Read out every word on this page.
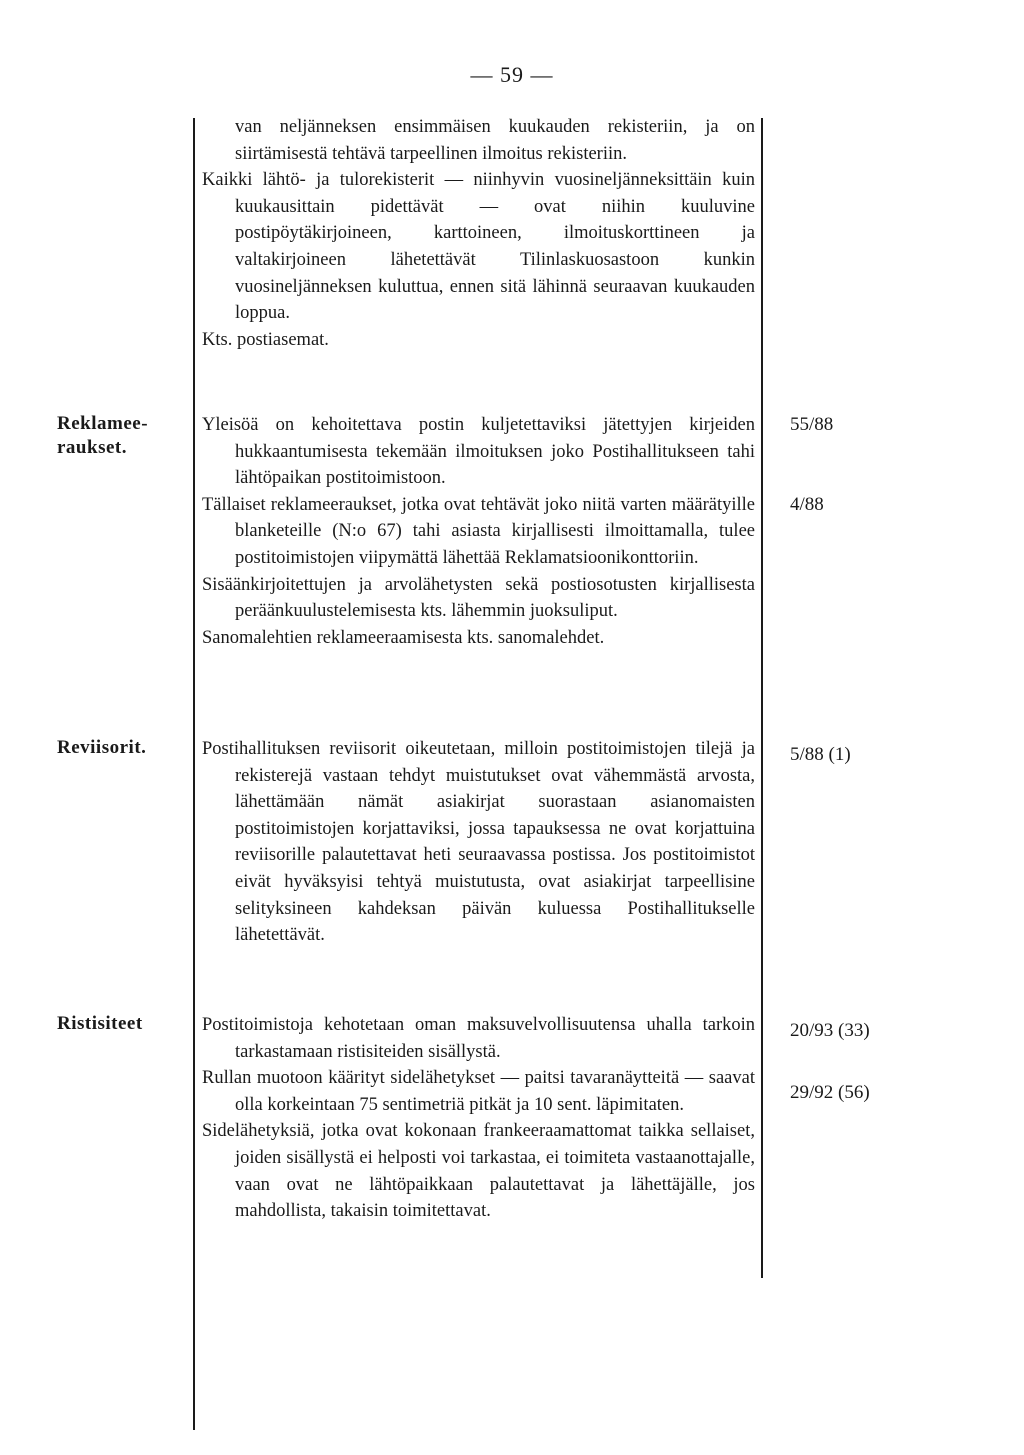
— 59 —

van neljänneksen ensimmäisen kuukauden rekisteriin, ja on siirtämisestä tehtävä tarpeellinen ilmoitus rekisteriin.

Kaikki lähtö- ja tulorekisterit — niinhyvin vuosineljänneksittäin kuin kuukausittain pidettävät — ovat niihin kuuluvine postipöytäkirjoineen, karttoineen, ilmoituskorttineen ja valtakirjoineen lähetettävät Tilinlaskuosastoon kunkin vuosineljänneksen kuluttua, ennen sitä lähinnä seuraavan kuukauden loppua.

Kts. postiasemat.

Reklamee-raukset.

Yleisöä on kehoitettava postin kuljetettaviksi jätettyjen kirjeiden hukkaantumisesta tekemään ilmoituksen joko Postihallitukseen tahi lähtöpaikan postitoimistoon.

Tällaiset reklameeraukset, jotka ovat tehtävät joko niitä varten määrätyille blanketeille (N:o 67) tahi asiasta kirjallisesti ilmoittamalla, tulee postitoimistojen viipymättä lähettää Reklamatsioonikonttoriin.

Sisäänkirjoitettujen ja arvolähetysten sekä postiosotusten kirjallisesta peräänkuulustelemisesta kts. lähemmin juoksuliput.

Sanomalehtien reklameeraamisesta kts. sanomalehdet.

55/88
4/88
Reviisorit.	Postihallituksen reviisorit oikeutetaan, milloin postitoimistojen tilejä ja rekisterejä vastaan tehdyt muistutukset ovat vähemmästä arvosta, lähettämään nämät asiakirjat suorastaan asianomaisten postitoimistojen korjattaviksi, jossa tapauksessa ne ovat korjattuina reviisorille palautettavat heti seuraavassa postissa. Jos postitoimistot eivät hyväksyisi tehtyä muistutusta, ovat asiakirjat tarpeellisine selityksineen kahdeksan päivän kuluessa Postihallitukselle lähetettävät.

5/88 (1)
Ristisiteet	Postitoimistoja kehotetaan oman maksuvelvollisuutensa uhalla tarkoin tarkastamaan ristisiteiden sisällystä.

Rullan muotoon käärityt sidelähetykset — paitsi tavaranäytteitä — saavat olla korkeintaan 75 sentimetriä pitkät ja 10 sent. läpimitaten.

Sidelähetyksiä, jotka ovat kokonaan frankeeraamattomat taikka sellaiset, joiden sisällystä ei helposti voi tarkastaa, ei toimiteta vastaanottajalle, vaan ovat ne lähtöpaikkaan palautettavat ja lähettäjälle, jos mahdollista, takaisin toimitettavat.

20/93 (33)
29/92 (56)
